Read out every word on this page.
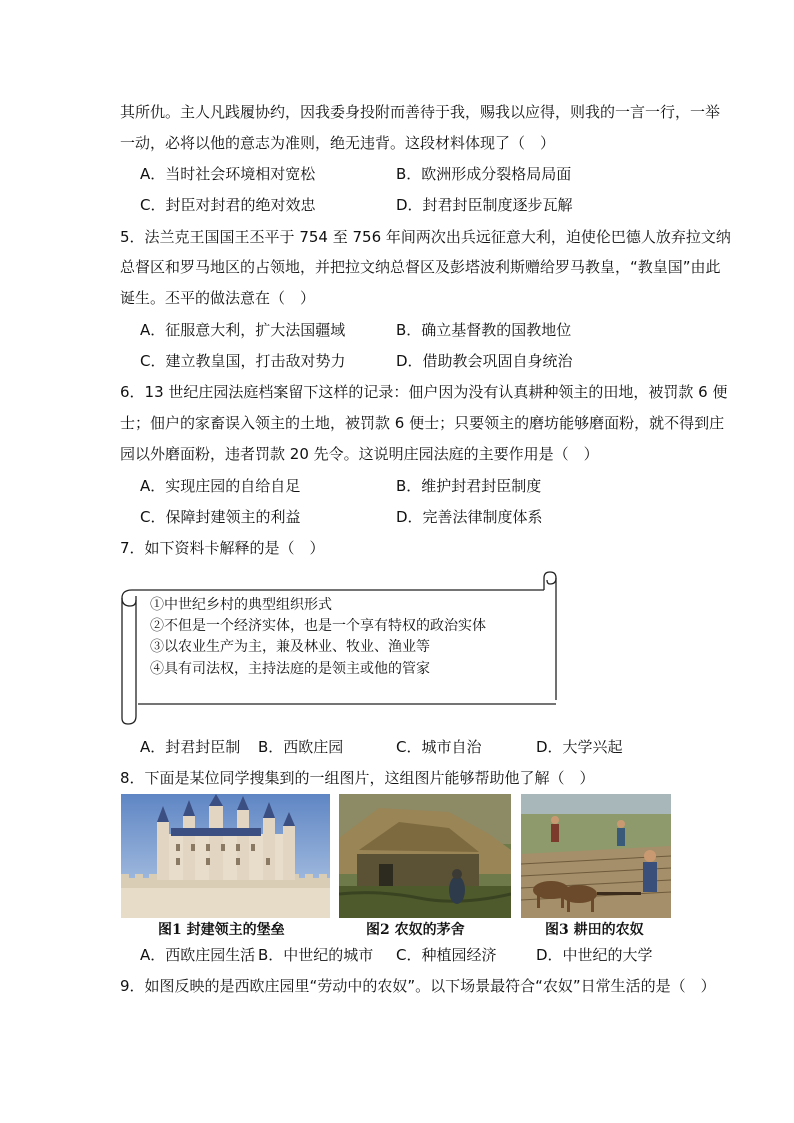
其所仇。主人凡践履协约，因我委身投附而善待于我，赐我以应得，则我的一言一行，一举
一动，必将以他的意志为准则，绝无违背。这段材料体现了（　）
A．当时社会环境相对宽松	B．欧洲形成分裂格局局面
C．封臣对封君的绝对效忠	D．封君封臣制度逐步瓦解
5．法兰克王国国王丕平于 754 至 756 年间两次出兵远征意大利，迫使伦巴德人放弃拉文纳
总督区和罗马地区的占领地，并把拉文纳总督区及彭塔波利斯赠给罗马教皇，“教皇国”由此
诞生。丕平的做法意在（　）
A．征服意大利，扩大法国疆域	B．确立基督教的国教地位
C．建立教皇国，打击敌对势力	D．借助教会巩固自身统治
6．13 世纪庄园法庭档案留下这样的记录：佃户因为没有认真耕种领主的田地，被罚款 6 便
士；佃户的家畜误入领主的土地，被罚款 6 便士；只要领主的磨坊能够磨面粉，就不得到庄
园以外磨面粉，违者罚款 20 先令。这说明庄园法庭的主要作用是（　）
A．实现庄园的自给自足	B．维护封君封臣制度
C．保障封建领主的利益	D．完善法律制度体系
7．如下资料卡解释的是（　）
①中世纪乡村的典型组织形式
②不但是一个经济实体，也是一个享有特权的政治实体
③以农业生产为主，兼及林业、牧业、渔业等
④具有司法权，主持法庭的是领主或他的管家
A．封君封臣制 B．西欧庄园	C．城市自治	D．大学兴起
8．下面是某位同学搜集到的一组图片，这组图片能够帮助他了解（　）
图1 封建领主的堡垒	图2 农奴的茅舍	图3 耕田的农奴
A．西欧庄园生活 B．中世纪的城市 C．种植园经济	D．中世纪的大学
9．如图反映的是西欧庄园里“劳动中的农奴”。以下场景最符合“农奴”日常生活的是（　）
